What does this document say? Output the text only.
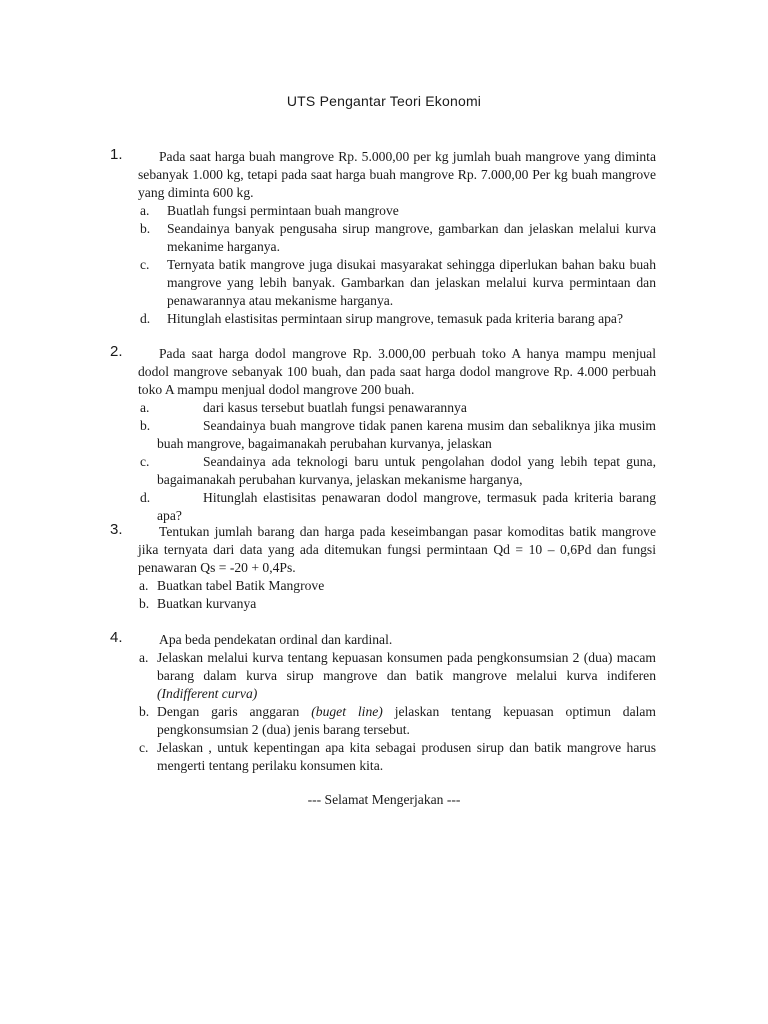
UTS Pengantar Teori Ekonomi
1.	Pada saat harga buah mangrove Rp. 5.000,00 per kg jumlah buah mangrove yang diminta sebanyak 1.000 kg, tetapi pada saat harga buah mangrove Rp. 7.000,00 Per kg buah mangrove yang diminta 600 kg.
a. Buatlah fungsi permintaan buah mangrove
b. Seandainya banyak pengusaha sirup mangrove, gambarkan dan jelaskan melalui kurva mekanime harganya.
c. Ternyata batik mangrove juga disukai masyarakat sehingga diperlukan bahan baku buah mangrove yang lebih banyak. Gambarkan dan jelaskan melalui kurva permintaan dan penawarannya atau mekanisme harganya.
d. Hitunglah elastisitas permintaan sirup mangrove, temasuk pada kriteria barang apa?
2.	Pada saat harga dodol mangrove Rp. 3.000,00 perbuah toko A hanya mampu menjual dodol mangrove sebanyak 100 buah, dan pada saat harga dodol mangrove Rp. 4.000 perbuah toko A mampu menjual dodol mangrove 200 buah.
a.	dari kasus tersebut buatlah fungsi penawarannya
b.	Seandainya buah mangrove tidak panen karena musim dan sebaliknya jika musim buah mangrove, bagaimanakah perubahan kurvanya, jelaskan
c.	Seandainya ada teknologi baru untuk pengolahan dodol yang lebih tepat guna, bagaimanakah perubahan kurvanya, jelaskan mekanisme harganya,
d.	Hitunglah elastisitas penawaran dodol mangrove, termasuk pada kriteria barang apa?
3.	Tentukan jumlah barang dan harga pada keseimbangan pasar komoditas batik mangrove jika ternyata dari data yang ada ditemukan fungsi permintaan Qd = 10 – 0,6Pd dan fungsi penawaran Qs = -20 + 0,4Ps.
a. Buatkan tabel Batik Mangrove
b. Buatkan kurvanya
4.	Apa beda pendekatan ordinal dan kardinal.
a. Jelaskan melalui kurva tentang kepuasan konsumen pada pengkonsumsian 2 (dua) macam barang dalam kurva sirup mangrove dan batik mangrove melalui kurva indiferen (Indifferent curva)
b. Dengan garis anggaran (buget line) jelaskan tentang kepuasan optimun dalam pengkonsumsian 2 (dua) jenis barang tersebut.
c. Jelaskan , untuk kepentingan apa kita sebagai produsen sirup dan batik mangrove harus mengerti tentang perilaku konsumen kita.
--- Selamat Mengerjakan ---
